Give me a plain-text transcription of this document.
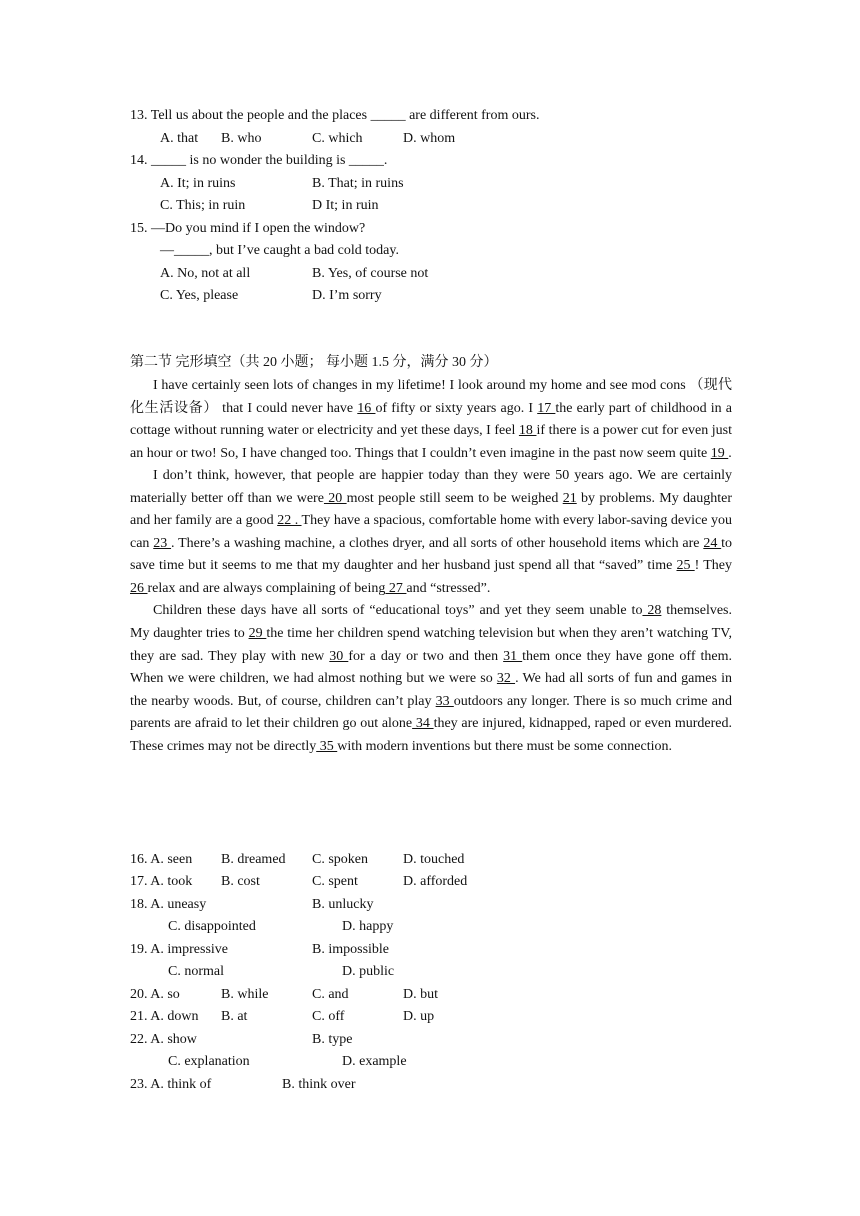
13. Tell us about the people and the places _____ are different from ours.
A. that B. who	C. which	D. whom
14. _____ is no wonder the building is _____.
A. It; in ruins	B. That; in ruins
C. This; in ruin	D It; in ruin
15. —Do you mind if I open the window?
—_____, but I’ve caught a bad cold today.
A. No, not at all	B. Yes, of course not
C. Yes, please	D. I’m sorry
第二节 完形填空（共 20 小题； 每小题 1.5 分，满分 30 分）

I have certainly seen lots of changes in my lifetime! I look around my home and see mod cons （现代化生活设备） that I could never have 16 of fifty or sixty years ago. I 17 the early part of childhood in a cottage without running water or electricity and yet these days, I feel 18 if there is a power cut for even just an hour or two! So, I have changed too. Things that I couldn’t even imagine in the past now seem quite 19 .

I don’t think, however, that people are happier today than they were 50 years ago. We are certainly materially better off than we were 20 most people still seem to be weighed 21 by problems. My daughter and her family are a good 22 . They have a spacious, comfortable home with every labor-saving device you can 23 . There’s a washing machine, a clothes dryer, and all sorts of other household items which are 24 to save time but it seems to me that my daughter and her husband just spend all that “saved” time 25 ! They 26 relax and are always complaining of being 27 and “stressed”.

Children these days have all sorts of “educational toys” and yet they seem unable to 28 themselves. My daughter tries to 29 the time her children spend watching television but when they aren’t watching TV, they are sad. They play with new 30 for a day or two and then 31 them once they have gone off them. When we were children, we had almost nothing but we were so 32 . We had all sorts of fun and games in the nearby woods. But, of course, children can’t play 33 outdoors any longer. There is so much crime and parents are afraid to let their children go out alone 34 they are injured, kidnapped, raped or even murdered. These crimes may not be directly 35 with modern inventions but there must be some connection.

16. A. seen B. dreamed C. spoken	D. touched
17. A. took B. cost	C. spent	D. afforded
18. A. uneasy	B. unlucky
C. disappointed	D. happy
19. A. impressive	B. impossible
C. normal	D. public
20. A. so	B. while	C. and	D. but
21. A. down B. at	C. off	D. up
22. A. show	B. type
C. explanation	D. example
23. A. think of	B. think over
